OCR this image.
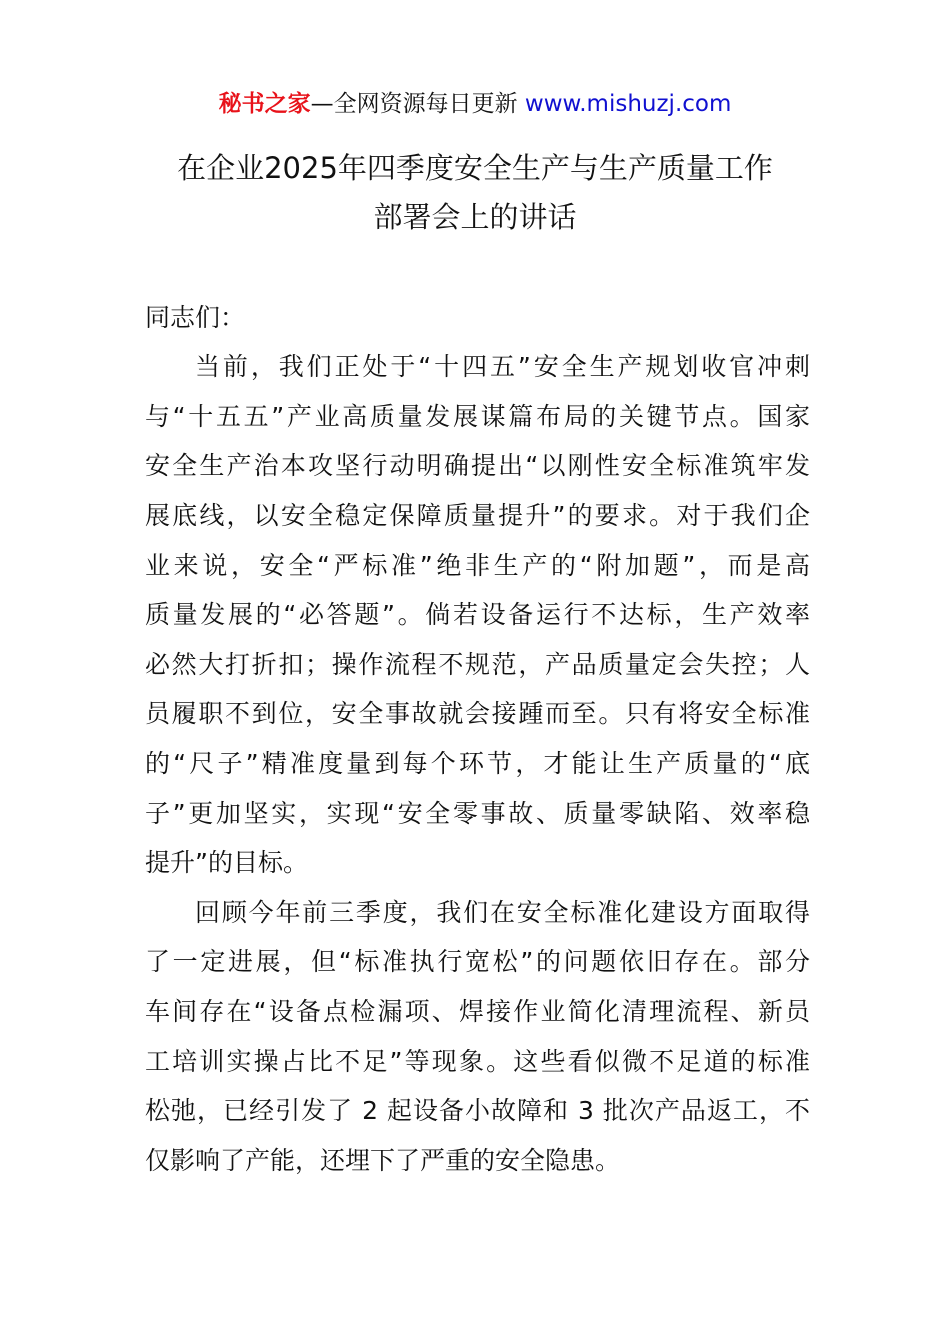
秘书之家—全网资源每日更新 www.mishuzj.com
在企业2025年四季度安全生产与生产质量工作
部署会上的讲话
同志们：
当前，我们正处于“十四五”安全生产规划收官冲刺
与“十五五”产业高质量发展谋篇布局的关键节点。国家
安全生产治本攻坚行动明确提出“以刚性安全标准筑牢发
展底线，以安全稳定保障质量提升”的要求。对于我们企
业来说，安全“严标准”绝非生产的“附加题”，而是高
质量发展的“必答题”。倘若设备运行不达标，生产效率
必然大打折扣；操作流程不规范，产品质量定会失控；人
员履职不到位，安全事故就会接踵而至。只有将安全标准
的“尺子”精准度量到每个环节，才能让生产质量的“底
子”更加坚实，实现“安全零事故、质量零缺陷、效率稳
提升”的目标。
回顾今年前三季度，我们在安全标准化建设方面取得
了一定进展，但“标准执行宽松”的问题依旧存在。部分
车间存在“设备点检漏项、焊接作业简化清理流程、新员
工培训实操占比不足”等现象。这些看似微不足道的标准
松弛，已经引发了 2 起设备小故障和 3 批次产品返工，不
仅影响了产能，还埋下了严重的安全隐患。
